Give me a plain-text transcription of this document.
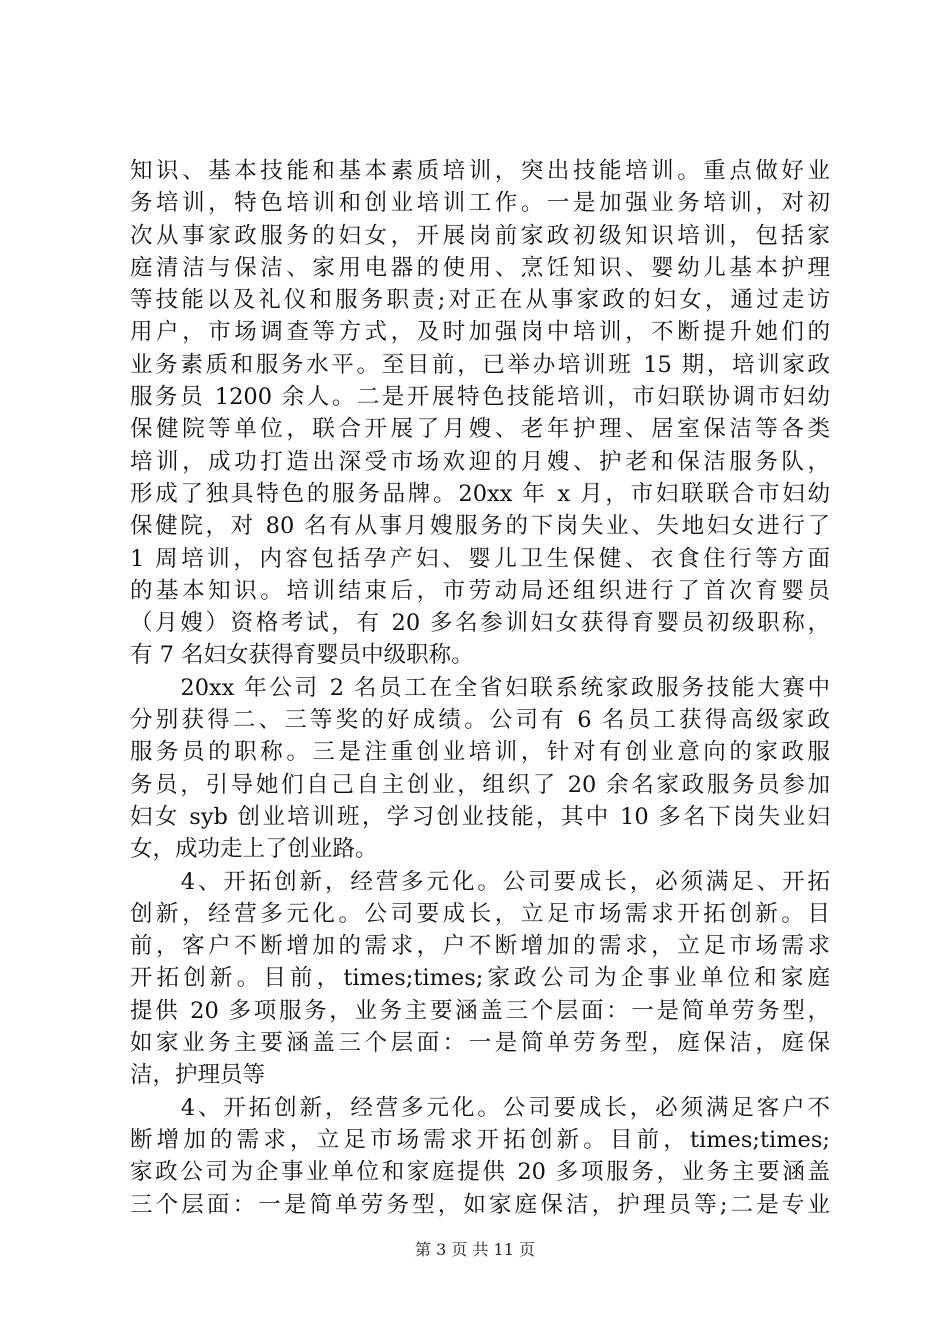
知识、基本技能和基本素质培训，突出技能培训。重点做好业
务培训，特色培训和创业培训工作。一是加强业务培训，对初
次从事家政服务的妇女，开展岗前家政初级知识培训，包括家
庭清洁与保洁、家用电器的使用、烹饪知识、婴幼儿基本护理
等技能以及礼仪和服务职责;对正在从事家政的妇女，通过走访
用户，市场调查等方式，及时加强岗中培训，不断提升她们的
业务素质和服务水平。至目前，已举办培训班 15 期，培训家政
服务员 1200 余人。二是开展特色技能培训，市妇联协调市妇幼
保健院等单位，联合开展了月嫂、老年护理、居室保洁等各类
培训，成功打造出深受市场欢迎的月嫂、护老和保洁服务队，
形成了独具特色的服务品牌。20xx 年 x 月，市妇联联合市妇幼
保健院，对 80 名有从事月嫂服务的下岗失业、失地妇女进行了
1 周培训，内容包括孕产妇、婴儿卫生保健、衣食住行等方面
的基本知识。培训结束后，市劳动局还组织进行了首次育婴员
（月嫂）资格考试，有 20 多名参训妇女获得育婴员初级职称，
有 7 名妇女获得育婴员中级职称。
　　20xx 年公司 2 名员工在全省妇联系统家政服务技能大赛中
分别获得二、三等奖的好成绩。公司有 6 名员工获得高级家政
服务员的职称。三是注重创业培训，针对有创业意向的家政服
务员，引导她们自己自主创业，组织了 20 余名家政服务员参加
妇女 syb 创业培训班，学习创业技能，其中 10 多名下岗失业妇
女，成功走上了创业路。
　　4、开拓创新，经营多元化。公司要成长，必须满足、开拓
创新，经营多元化。公司要成长，立足市场需求开拓创新。目
前，客户不断增加的需求，户不断增加的需求，立足市场需求
开拓创新。目前，times;times;家政公司为企事业单位和家庭
提供 20 多项服务，业务主要涵盖三个层面：一是简单劳务型，
如家业务主要涵盖三个层面：一是简单劳务型，庭保洁，庭保
洁，护理员等
　　4、开拓创新，经营多元化。公司要成长，必须满足客户不
断增加的需求，立足市场需求开拓创新。目前，times;times;
家政公司为企事业单位和家庭提供 20 多项服务，业务主要涵盖
三个层面：一是简单劳务型，如家庭保洁，护理员等;二是专业
第 3 页 共 11 页
